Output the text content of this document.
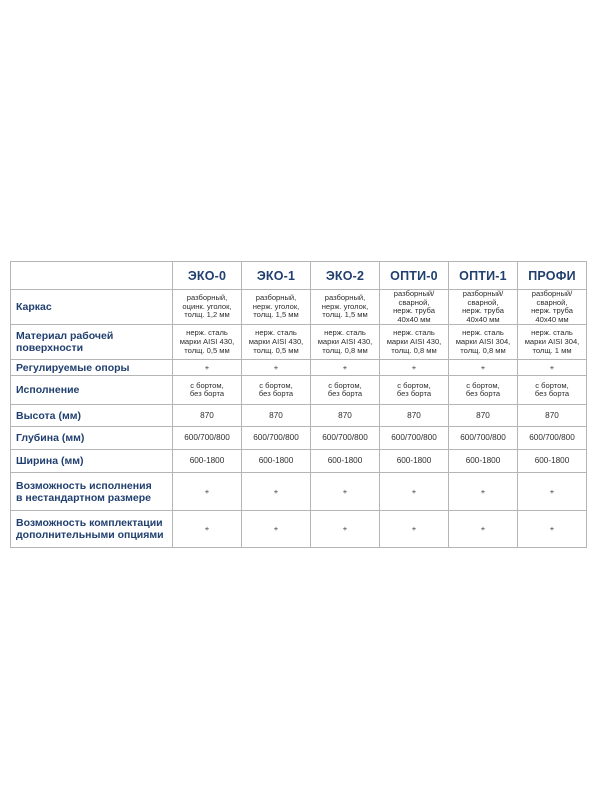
	ЭКО-0	ЭКО-1	ЭКО-2	ОПТИ-0	ОПТИ-1	ПРОФИ
Каркас	разборный,
оцинк. уголок,
толщ. 1,2 мм	разборный,
нерж. уголок,
толщ. 1,5 мм	разборный,
нерж. уголок,
толщ. 1,5 мм	разборный/
сварной,
нерж. труба
40х40 мм	разборный/
сварной,
нерж. труба
40х40 мм	разборный/
сварной,
нерж. труба
40х40 мм
Материал рабочей поверхности	нерж. сталь
марки AISI 430,
толщ. 0,5 мм	нерж. сталь
марки AISI 430,
толщ. 0,5 мм	нерж. сталь
марки AISI 430,
толщ. 0,8 мм	нерж. сталь
марки AISI 430,
толщ. 0,8 мм	нерж. сталь
марки AISI 304,
толщ. 0,8 мм	нерж. сталь
марки AISI 304,
толщ. 1 мм
Регулируемые опоры	+	+	+	+	+	+
Исполнение	с бортом,
без борта	с бортом,
без борта	с бортом,
без борта	с бортом,
без борта	с бортом,
без борта	с бортом,
без борта
Высота (мм)	870	870	870	870	870	870
Глубина (мм)	600/700/800	600/700/800	600/700/800	600/700/800	600/700/800	600/700/800
Ширина (мм)	600-1800	600-1800	600-1800	600-1800	600-1800	600-1800
Возможность исполнения
в нестандартном размере	+	+	+	+	+	+
Возможность комплектации
дополнительными опциями	+	+	+	+	+	+
